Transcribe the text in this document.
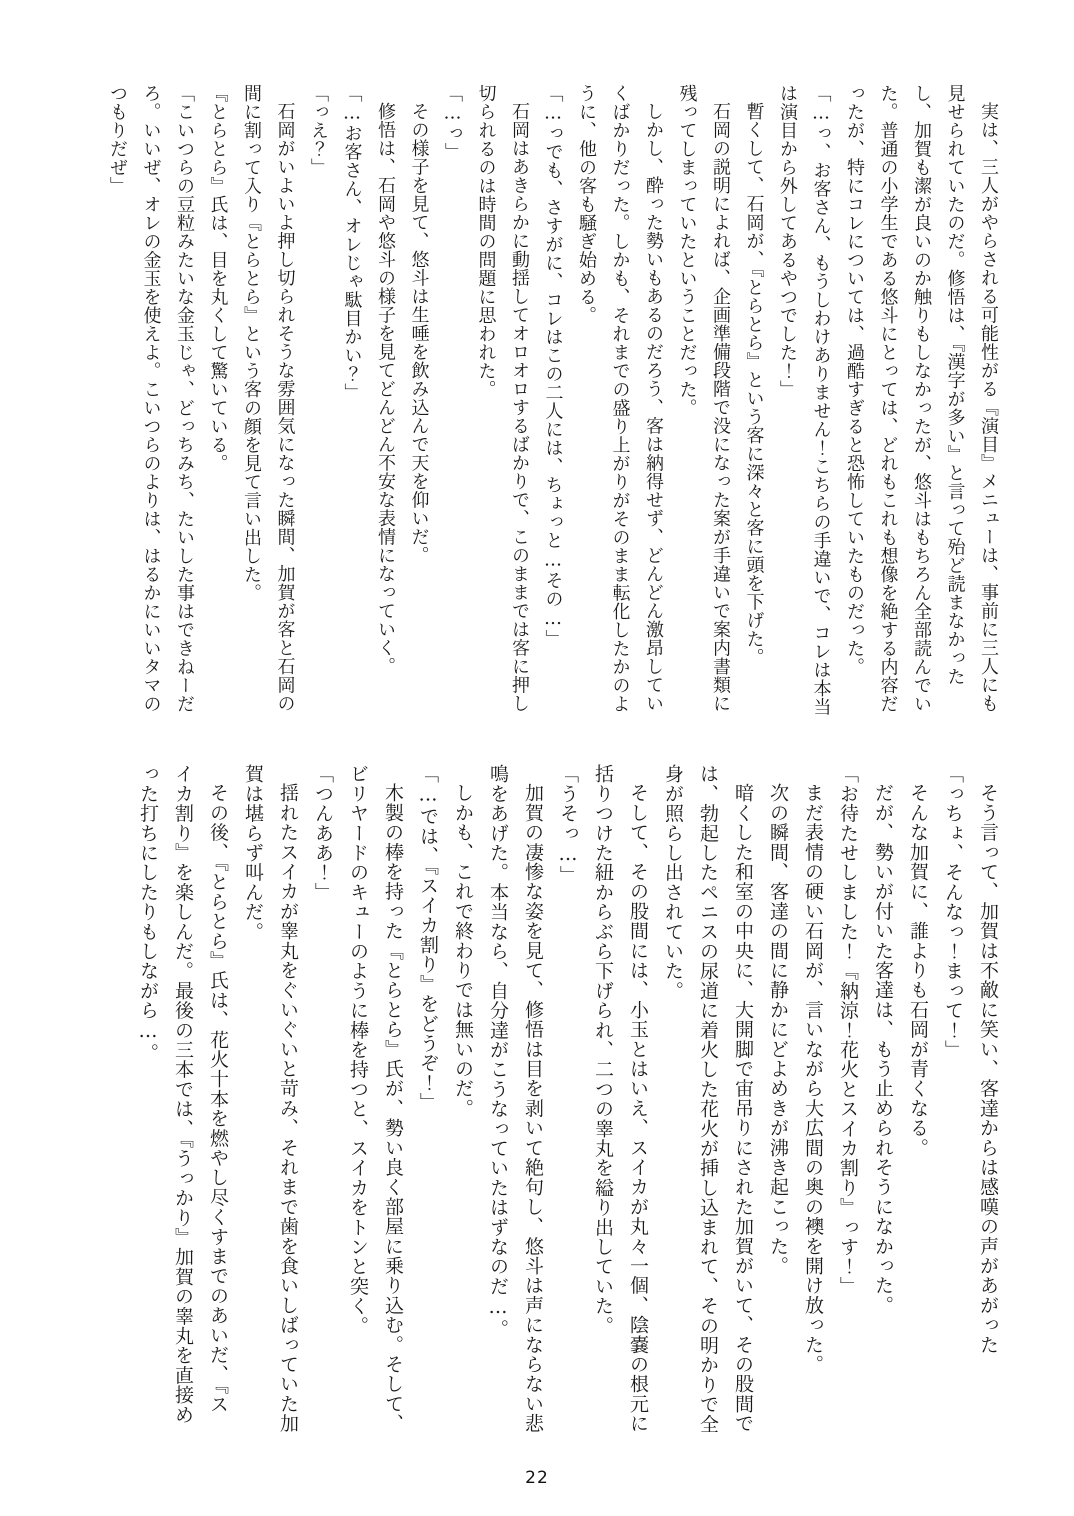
実は、三人がやらされる可能性がる『演目』メニューは、事前に三人にも
見せられていたのだ。修悟は、『漢字が多い』と言って殆ど読まなかった
し、加賀も潔が良いのか触りもしなかったが、悠斗はもちろん全部読んでい
た。普通の小学生である悠斗にとっては、どれもこれも想像を絶する内容だ
ったが、特にコレについては、過酷すぎると恐怖していたものだった。
「…っ、お客さん、もうしわけありません！こちらの手違いで、コレは本当
は演目から外してあるやつでした！」
暫くして、石岡が、『とらとら』という客に深々と客に頭を下げた。
石岡の説明によれば、企画準備段階で没になった案が手違いで案内書類に
残ってしまっていたということだった。
しかし、酔った勢いもあるのだろう、客は納得せず、どんどん激昂してい
くばかりだった。しかも、それまでの盛り上がりがそのまま転化したかのよ
うに、他の客も騒ぎ始める。
「…っでも、さすがに、コレはこの二人には、ちょっと…その…」
石岡はあきらかに動揺してオロオロするばかりで、このままでは客に押し
切られるのは時間の問題に思われた。
「…っ」
その様子を見て、悠斗は生唾を飲み込んで天を仰いだ。
修悟は、石岡や悠斗の様子を見てどんどん不安な表情になっていく。
「…お客さん、オレじゃ駄目かい？」
「っえ？」
石岡がいよいよ押し切られそうな雰囲気になった瞬間、加賀が客と石岡の
間に割って入り『とらとら』という客の顔を見て言い出した。
『とらとら』氏は、目を丸くして驚いている。
「こいつらの豆粒みたいな金玉じゃ、どっちみち、たいした事はできねーだ
ろ。いいぜ、オレの金玉を使えよ。こいつらのよりは、はるかにいいタマの
つもりだぜ」
そう言って、加賀は不敵に笑い、客達からは感嘆の声があがった
「っちょ、そんなっ！まって！」
そんな加賀に、誰よりも石岡が青くなる。
だが、勢いが付いた客達は、もう止められそうになかった。
「お待たせしました！『納涼！花火とスイカ割り』っす！」
まだ表情の硬い石岡が、言いながら大広間の奥の襖を開け放った。
次の瞬間、客達の間に静かにどよめきが沸き起こった。
暗くした和室の中央に、大開脚で宙吊りにされた加賀がいて、その股間で
は、勃起したペニスの尿道に着火した花火が挿し込まれて、その明かりで全
身が照らし出されていた。
そして、その股間には、小玉とはいえ、スイカが丸々一個、陰嚢の根元に
括りつけた紐からぶら下げられ、二つの睾丸を縊り出していた。
「うそっ…」
加賀の凄惨な姿を見て、修悟は目を剥いて絶句し、悠斗は声にならない悲
鳴をあげた。本当なら、自分達がこうなっていたはずなのだ…。
しかも、これで終わりでは無いのだ。
「…では、『スイカ割り』をどうぞ！」
木製の棒を持った『とらとら』氏が、勢い良く部屋に乗り込む。そして、
ビリヤードのキューのように棒を持つと、スイカをトンと突く。
「つんああ！」
揺れたスイカが睾丸をぐいぐいと苛み、それまで歯を食いしばっていた加
賀は堪らず叫んだ。
その後、『とらとら』氏は、花火十本を燃やし尽くすまでのあいだ、『ス
イカ割り』を楽しんだ。最後の三本では、『うっかり』加賀の睾丸を直接め
った打ちにしたりもしながら…。
22
